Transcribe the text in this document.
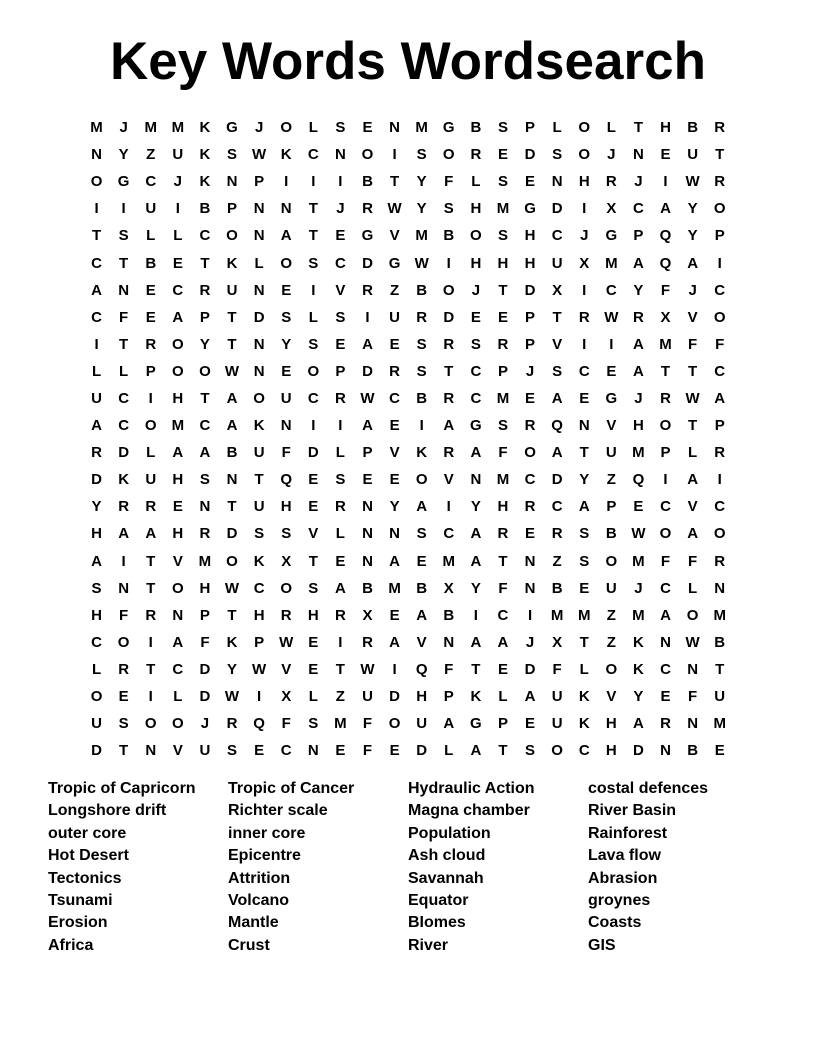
Key Words Wordsearch
M	J	M M	K	G	J	O	L	S	E	N	M	G	B	S	P	L	O	L	T	H	B	R
N	Y	Z	U	K	S	W K	C	N	O	I	S	O	R	E	D	S	O	J	N	E	U	T
O	G	C	J	K	N	P	I	I	I	B	T	Y	F	L	S	E	N	H	R	J	I	W R
I	I	U	I	B	P	N	N	T	J	R W	Y	S	H	M	G	D	I	X	C	A	Y	O
T	S	L	L	C	O	N	A	T	E	G	V	M	B	O	S	H	C	J	G	P	Q	Y	P
C	T	B	E	T	K	L	O	S	C	D	G W	I	H	H	H	U	X	M	A	Q	A	I
A	N	E	C	R	U	N	E	I	V	R	Z	B	O	J	T	D	X	I	C	Y	F	J	C
C	F	E	A	P	T	D	S	L	S	I	U	R	D	E	E	P	T	R W R	X	V	O
I	T	R	O	Y	T	N	Y	S	E	A	E	S	R	S	R	P	V	I	I	A	M	F	F
L	L	P	O	O W N	E	O	P	D	R	S	T	C	P	J	S	C	E	A	T	T	C
U	C	I	H	T	A	O	U	C	R W C	B	R	C	M	E	A	E	G	J	R W A
A	C	O	M	C	A	K	N	I	I	A	E	I	A	G	S	R	Q	N	V	H	O	T	P
R	D	L	A	A	B	U	F	D	L	P	V	K	R	A	F	O	A	T	U	M	P	L	R
D	K	U	H	S	N	T	Q	E	S	E	E	O	V	N	M	C	D	Y	Z	Q	I	A	I
Y	R	R	E	N	T	U	H	E	R	N	Y	A	I	Y	H	R	C	A	P	E	C	V	C
H	A	A	H	R	D	S	S	V	L	N	N	S	C	A	R	E	R	S	B W O	A	O
A	I	T	V	M	O	K	X	T	E	N	A	E	M	A	T	N	Z	S	O	M	F	F	R
S	N	T	O	H W C	O	S	A	B	M	B	X	Y	F	N	B	E	U	J	C	L	N
H	F	R	N	P	T	H	R	H	R	X	E	A	B	I	C	I	M M	Z	M	A	O	M
C	O	I	A	F	K	P	W	E	I	R	A	V	N	A	A	J	X	T	Z	K	N W B
L	R	T	C	D	Y	W	V	E	T	W	I	Q	F	T	E	D	F	L	O	K	C	N	T
O	E	I	L	D W	I	X	L	Z	U	D	H	P	K	L	A	U	K	V	Y	E	F	U
U	S	O	O	J	R	Q	F	S	M	F	O	U	A	G	P	E	U	K	H	A	R	N	M
D	T	N	V	U	S	E	C	N	E	F	E	D	L	A	T	S	O	C	H	D	N	B	E
Tropic of Capricorn
Longshore drift
outer core
Hot Desert
Tectonics
Tsunami
Erosion
Africa
Tropic of Cancer
Richter scale
inner core
Epicentre
Attrition
Volcano
Mantle
Crust
Hydraulic Action
Magna chamber
Population
Ash cloud
Savannah
Equator
BIomes
River
costal defences
River Basin
Rainforest
Lava flow
Abrasion
groynes
Coasts
GIS
